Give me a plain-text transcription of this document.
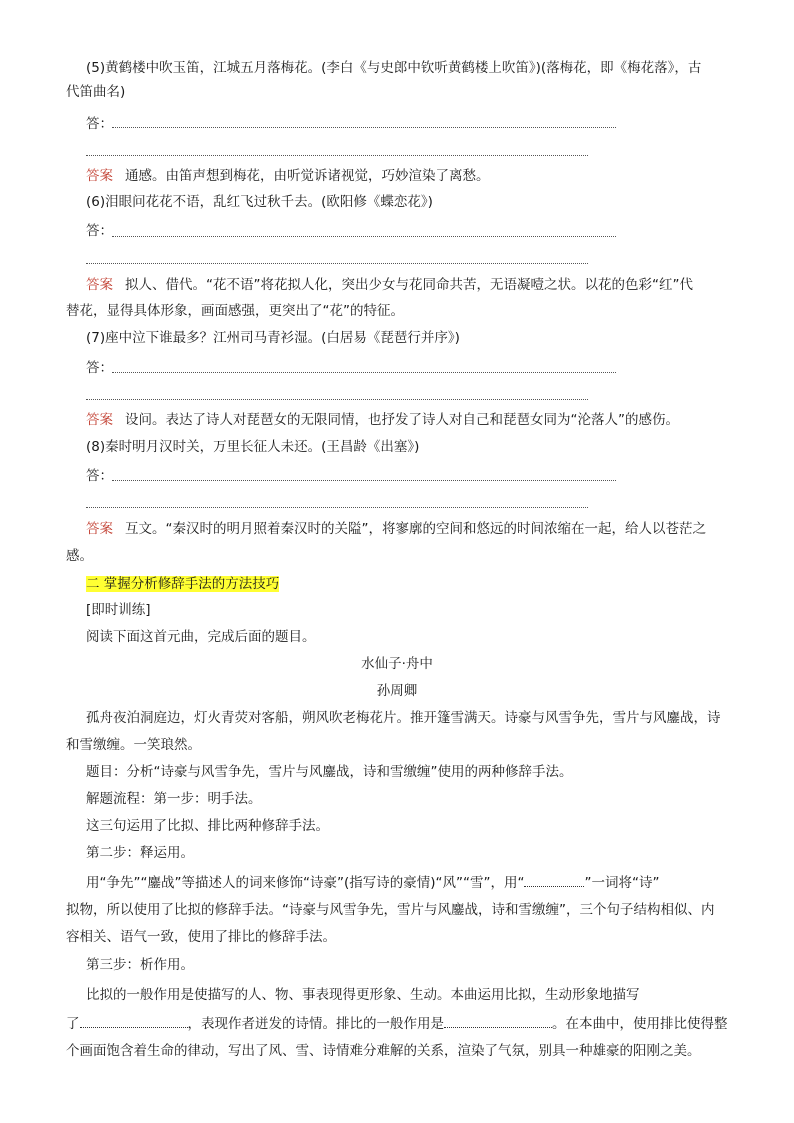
(5)黄鹤楼中吹玉笛，江城五月落梅花。(李白《与史郎中钦听黄鹤楼上吹笛》)(落梅花，即《梅花落》，古
代笛曲名)
答：
答案 通感。由笛声想到梅花，由听觉诉诸视觉，巧妙渲染了离愁。
(6)泪眼问花花不语，乱红飞过秋千去。(欧阳修《蝶恋花》)
答：
答案 拟人、借代。“花不语”将花拟人化，突出少女与花同命共苦，无语凝噎之状。以花的色彩“红”代
替花，显得具体形象，画面感强，更突出了“花”的特征。
(7)座中泣下谁最多？江州司马青衫湿。(白居易《琵琶行并序》)
答：
答案 设问。表达了诗人对琵琶女的无限同情，也抒发了诗人对自己和琵琶女同为“沦落人”的感伤。
(8)秦时明月汉时关，万里长征人未还。(王昌龄《出塞》)
答：
答案 互文。“秦汉时的明月照着秦汉时的关隘”，将寥廓的空间和悠远的时间浓缩在一起，给人以苍茫之
感。
二 掌握分析修辞手法的方法技巧
[即时训练]
阅读下面这首元曲，完成后面的题目。
水仙子·舟中
孙周卿
孤舟夜泊洞庭边，灯火青荧对客船，朔风吹老梅花片。推开篷雪满天。诗豪与风雪争先，雪片与风鏖战，诗
和雪缴缠。一笑琅然。
题目：分析“诗豪与风雪争先，雪片与风鏖战，诗和雪缴缠”使用的两种修辞手法。
解题流程：第一步：明手法。
这三句运用了比拟、排比两种修辞手法。
第二步：释运用。
用“争先”“鏖战”等描述人的词来修饰“诗豪”(指写诗的豪情)“风”“雪”，用“	”一词将“诗”
拟物，所以使用了比拟的修辞手法。“诗豪与风雪争先，雪片与风鏖战，诗和雪缴缠”，三个句子结构相似、内
容相关、语气一致，使用了排比的修辞手法。
第三步：析作用。
比拟的一般作用是使描写的人、物、事表现得更形象、生动。本曲运用比拟，生动形象地描写
了	，表现作者迸发的诗情。排比的一般作用是	。在本曲中，使用排比使得整
个画面饱含着生命的律动，写出了风、雪、诗情难分难解的关系，渲染了气氛，别具一种雄豪的阳刚之美。
